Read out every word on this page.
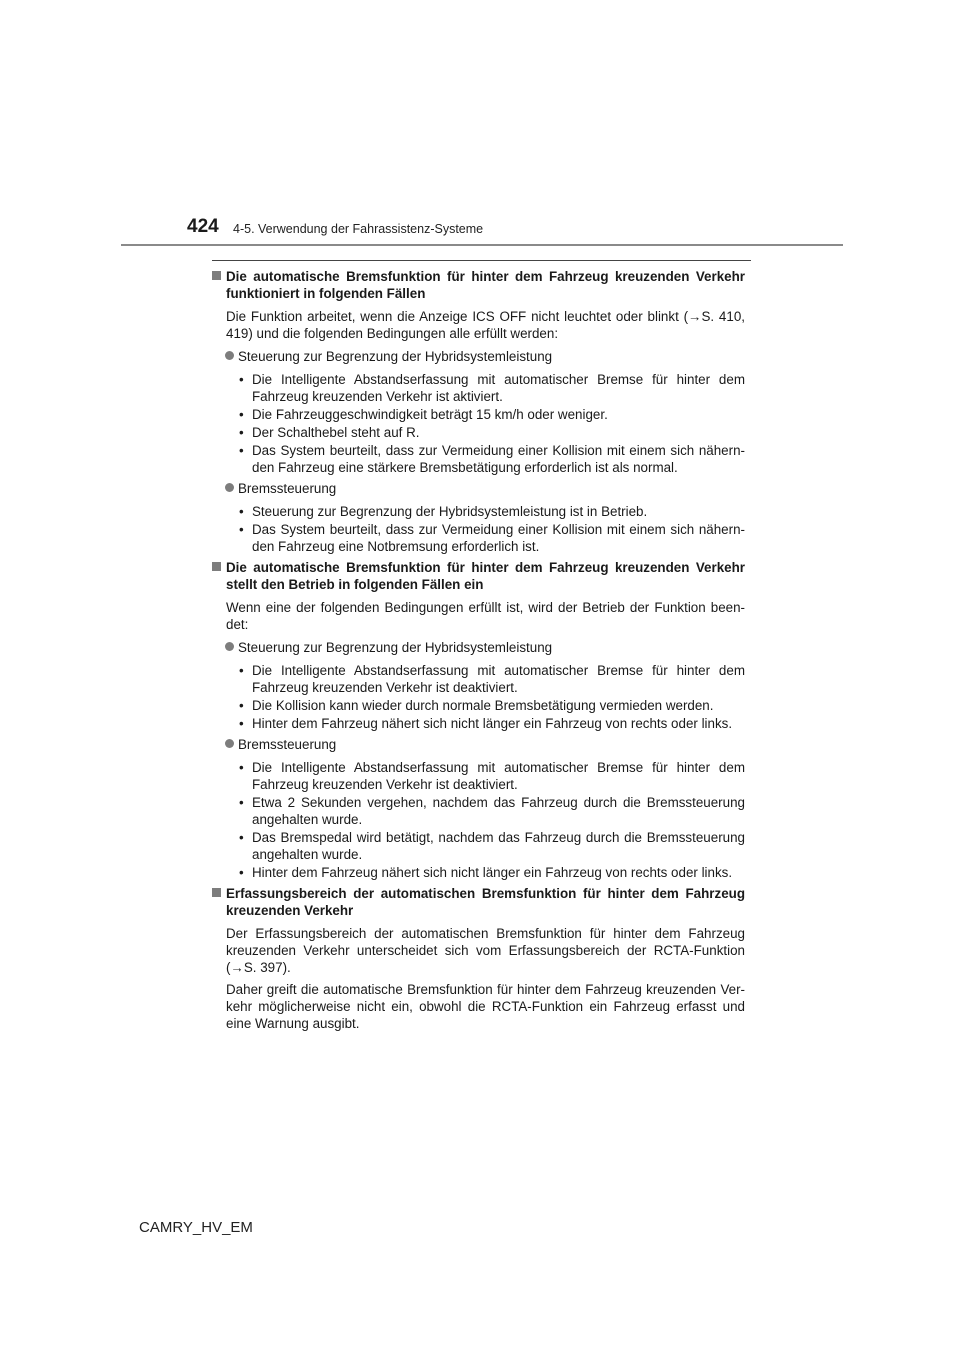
424 4-5. Verwendung der Fahrassistenz-Systeme
Die automatische Bremsfunktion für hinter dem Fahrzeug kreuzenden Verkehr funktioniert in folgenden Fällen
Die Funktion arbeitet, wenn die Anzeige ICS OFF nicht leuchtet oder blinkt (→S. 410, 419) und die folgenden Bedingungen alle erfüllt werden:
Steuerung zur Begrenzung der Hybridsystemleistung
• Die Intelligente Abstandserfassung mit automatischer Bremse für hinter dem Fahrzeug kreuzenden Verkehr ist aktiviert.
• Die Fahrzeuggeschwindigkeit beträgt 15 km/h oder weniger.
• Der Schalthebel steht auf R.
• Das System beurteilt, dass zur Vermeidung einer Kollision mit einem sich nähern- den Fahrzeug eine stärkere Bremsbetätigung erforderlich ist als normal.
Bremssteuerung
• Steuerung zur Begrenzung der Hybridsystemleistung ist in Betrieb.
• Das System beurteilt, dass zur Vermeidung einer Kollision mit einem sich nähern- den Fahrzeug eine Notbremsung erforderlich ist.
Die automatische Bremsfunktion für hinter dem Fahrzeug kreuzenden Verkehr stellt den Betrieb in folgenden Fällen ein
Wenn eine der folgenden Bedingungen erfüllt ist, wird der Betrieb der Funktion been- det:
Steuerung zur Begrenzung der Hybridsystemleistung
• Die Intelligente Abstandserfassung mit automatischer Bremse für hinter dem Fahrzeug kreuzenden Verkehr ist deaktiviert.
• Die Kollision kann wieder durch normale Bremsbetätigung vermieden werden.
• Hinter dem Fahrzeug nähert sich nicht länger ein Fahrzeug von rechts oder links.
Bremssteuerung
• Die Intelligente Abstandserfassung mit automatischer Bremse für hinter dem Fahrzeug kreuzenden Verkehr ist deaktiviert.
• Etwa 2 Sekunden vergehen, nachdem das Fahrzeug durch die Bremssteuerung angehalten wurde.
• Das Bremspedal wird betätigt, nachdem das Fahrzeug durch die Bremssteuerung angehalten wurde.
• Hinter dem Fahrzeug nähert sich nicht länger ein Fahrzeug von rechts oder links.
Erfassungsbereich der automatischen Bremsfunktion für hinter dem Fahrzeug kreuzenden Verkehr
Der Erfassungsbereich der automatischen Bremsfunktion für hinter dem Fahrzeug kreuzenden Verkehr unterscheidet sich vom Erfassungsbereich der RCTA-Funktion (→S. 397).
Daher greift die automatische Bremsfunktion für hinter dem Fahrzeug kreuzenden Ver- kehr möglicherweise nicht ein, obwohl die RCTA-Funktion ein Fahrzeug erfasst und eine Warnung ausgibt.
CAMRY_HV_EM
